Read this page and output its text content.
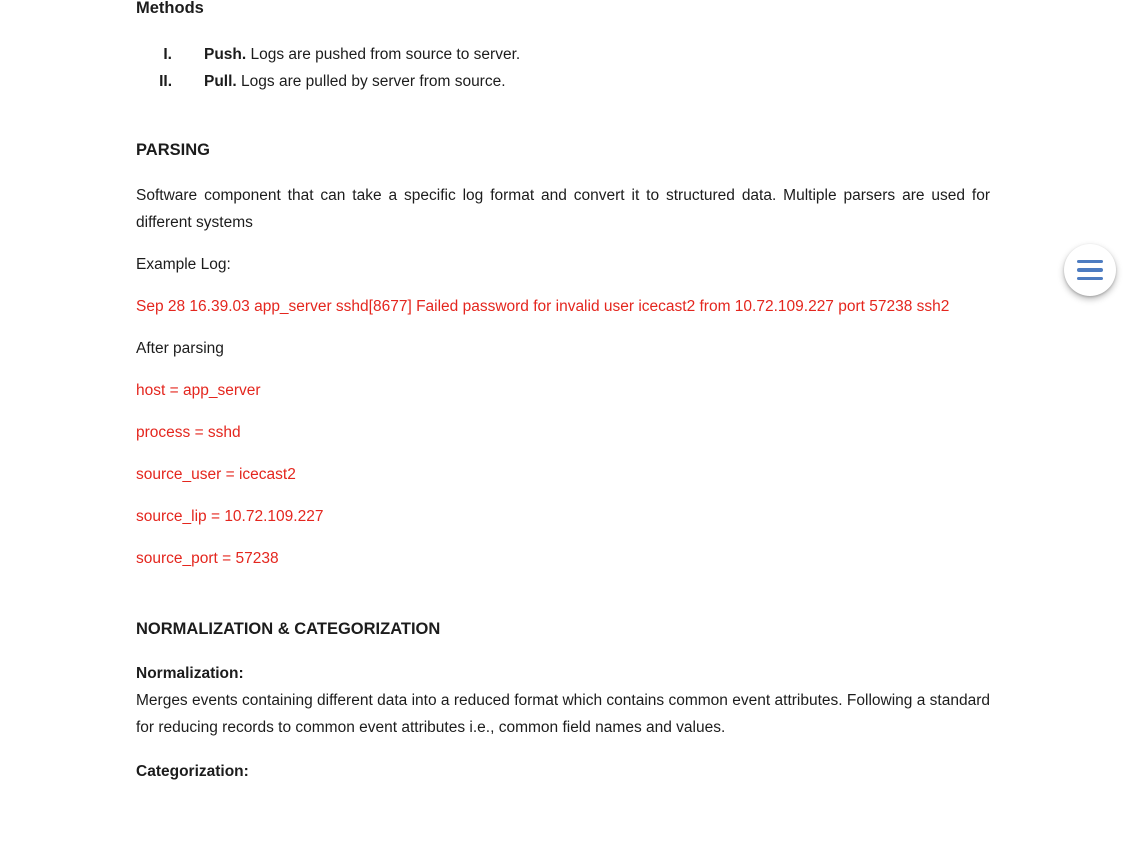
Methods
I. Push. Logs are pushed from source to server.
II. Pull. Logs are pulled by server from source.
PARSING

Software component that can take a specific log format and convert it to structured data. Multiple parsers are used for different systems

Example Log:

Sep 28 16.39.03 app_server sshd[8677] Failed password for invalid user icecast2 from 10.72.109.227 port 57238 ssh2

After parsing

host = app_server

process = sshd

source_user = icecast2

source_lip = 10.72.109.227

source_port = 57238

NORMALIZATION & CATEGORIZATION
Normalization:

Merges events containing different data into a reduced format which contains common event attributes. Following a standard for reducing records to common event attributes i.e., common field names and values.

Categorization:
